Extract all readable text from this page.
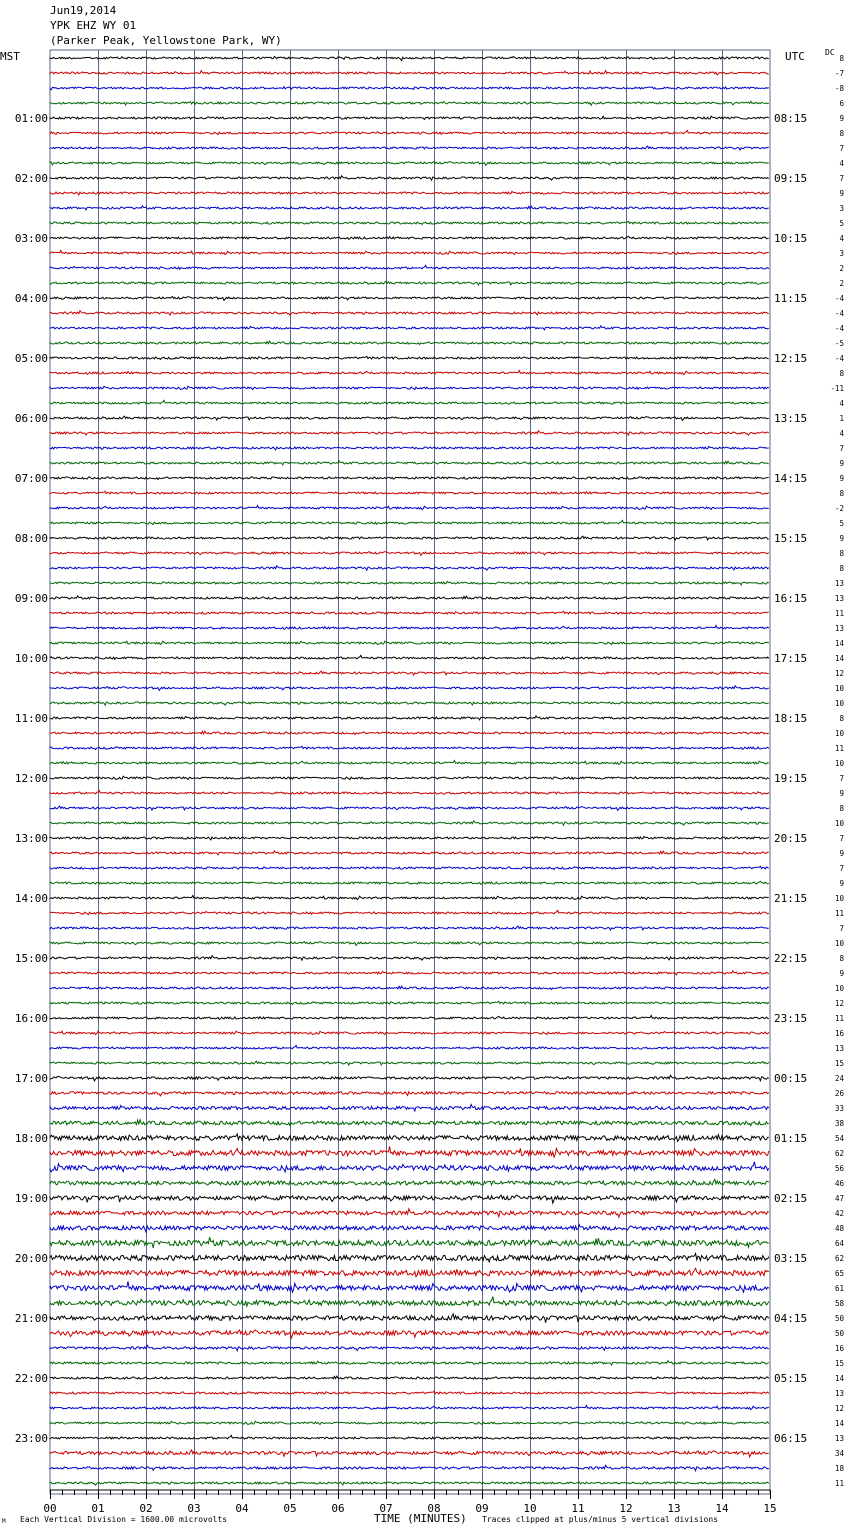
Jun19,2014
YPK EHZ WY 01
(Parker Peak, Yellowstone Park, WY)
MST	UTC	DC
8
-7
-8
6
9
8
7
4
7
9
3
5
4
3
2
2
-4
-4
-4
-5
-4
8
-11
4
1
4
7
9
9
8
-2
5
9
8
8
13
13
11
13
14
14
12
10
10
8
10
11
10
7
9
8
10
7
9
7
9
10
11
7
10
8
9
10
12
11
16
13
15
24
26
33
38
54
62
56
46
47
42
48
64
62
65
61
58
50
50
16
15
14
13
12
14
13
34
18
11
01:00
02:00
03:00
04:00
05:00
06:00
07:00
08:00
09:00
10:00
11:00
12:00
13:00
14:00
15:00
16:00
17:00
18:00
19:00
20:00
21:00
22:00
23:00
08:15
09:15
10:15
11:15
12:15
13:15
14:15
15:15
16:15
17:15
18:15
19:15
20:15
21:15
22:15
23:15
00:15
01:15
02:15
03:15
04:15
05:15
06:15
00	01	02	03	04	05	06	07	08	09	10	11	12	13	14	15
M Each Vertical Division = 1600.00 microvolts	TIME (MINUTES) Traces clipped at plus/minus 5 vertical divisions
